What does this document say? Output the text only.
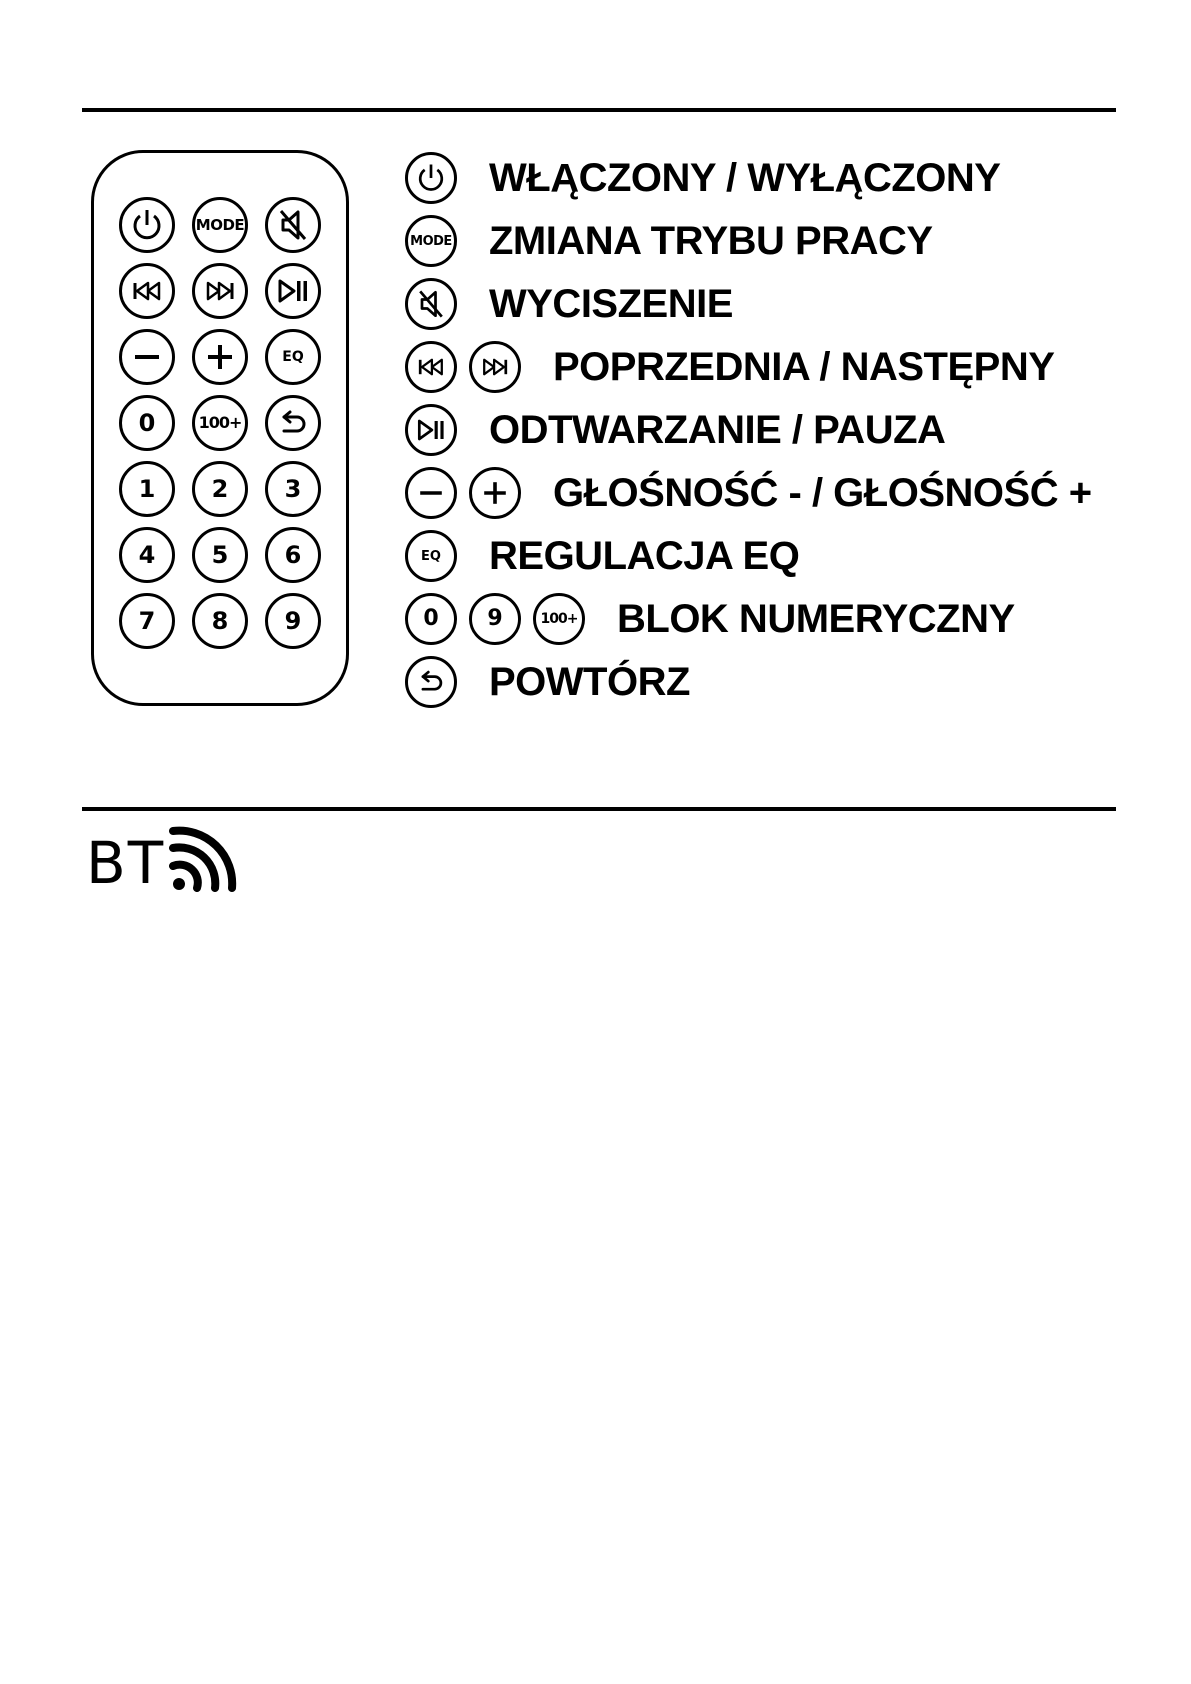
MODE
EQ
0	100+
1 2 3
4 5 6
7 8 9
WŁĄCZONY / WYŁĄCZONY
MODE ZMIANA TRYBU PRACY
WYCISZENIE
POPRZEDNIA / NASTĘPNY
ODTWARZANIE / PAUZA
GŁOŚNOŚĆ - / GŁOŚNOŚĆ +
EQ REGULACJA EQ
0 9	100+ BLOK NUMERYCZNY
POWTÓRZ
BT
